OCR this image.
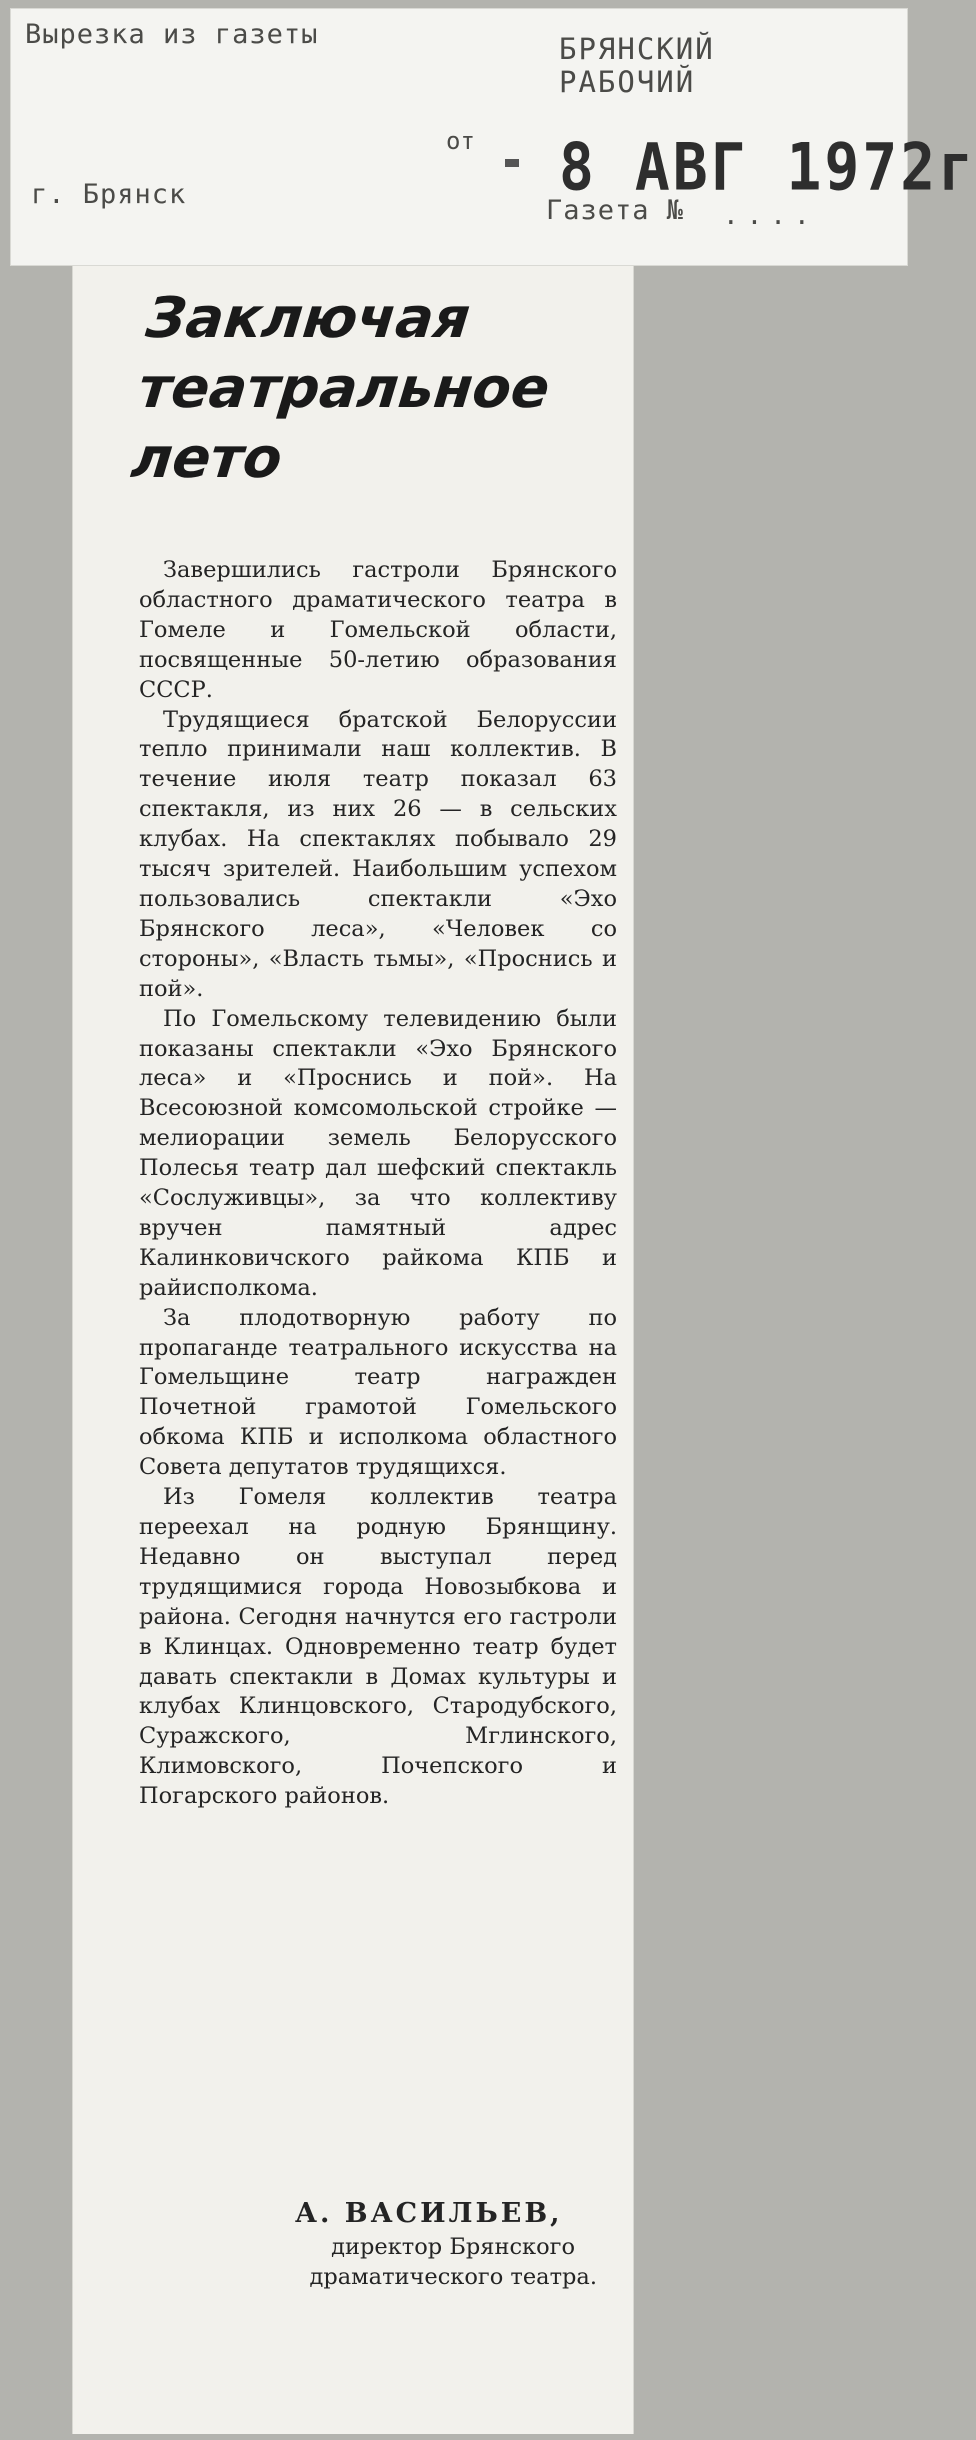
Вырезка из газеты	БРЯНСКИЙ
РАБОЧИЙ
от 8 АВГ 1972г
г. Брянск
Газета № ....
Заключая
театральное
лето

Завершились гастроли Брянского областного драматического театра в Гомеле и Гомельской области, посвященные 50-летию образования СССР.

Трудящиеся братской Белоруссии тепло принимали наш коллектив. В течение июля театр показал 63 спектакля, из них 26 — в сельских клубах. На спектаклях побывало 29 тысяч зрителей. Наибольшим успехом пользовались спектакли «Эхо Брянского леса», «Человек со стороны», «Власть тьмы», «Проснись и пой».

По Гомельскому телевидению были показаны спектакли «Эхо Брянского леса» и «Проснись и пой». На Всесоюзной комсомольской стройке — мелиорации земель Белорусского Полесья театр дал шефский спектакль «Сослуживцы», за что коллективу вручен памятный адрес Калинковичского райкома КПБ и райисполкома.

За плодотворную работу по пропаганде театрального искусства на Гомельщине театр награжден Почетной грамотой Гомельского обкома КПБ и исполкома областного Совета депутатов трудящихся.

Из Гомеля коллектив театра переехал на родную Брянщину. Недавно он выступал перед трудящимися города Новозыбкова и района. Сегодня начнутся его гастроли в Клинцах. Одновременно театр будет давать спектакли в Домах культуры и клубах Клинцовского, Стародубского, Суражского, Мглинского, Климовского, Почепского и Погарского районов.

А. ВАСИЛЬЕВ,
директор Брянского
драматического театра.
